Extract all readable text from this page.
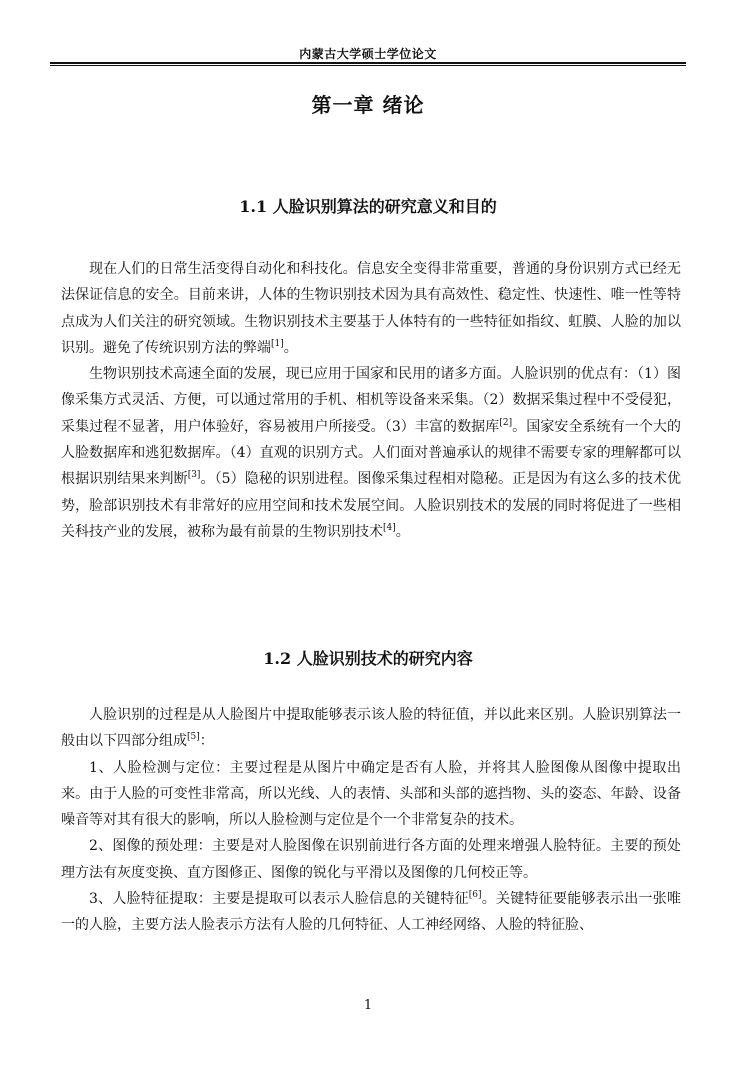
内蒙古大学硕士学位论文
第一章 绪论
1.1 人脸识别算法的研究意义和目的

现在人们的日常生活变得自动化和科技化。信息安全变得非常重要，普通的身份识别方式已经无法保证信息的安全。目前来讲，人体的生物识别技术因为具有高效性、稳定性、快速性、唯一性等特点成为人们关注的研究领域。生物识别技术主要基于人体特有的一些特征如指纹、虹膜、人脸的加以识别。避免了传统识别方法的弊端[1]。

生物识别技术高速全面的发展，现已应用于国家和民用的诸多方面。人脸识别的优点有：（1）图像采集方式灵活、方便，可以通过常用的手机、相机等设备来采集。（2）数据采集过程中不受侵犯，采集过程不显著，用户体验好，容易被用户所接受。（3）丰富的数据库[2]。国家安全系统有一个大的人脸数据库和逃犯数据库。（4）直观的识别方式。人们面对普遍承认的规律不需要专家的理解都可以根据识别结果来判断[3]。（5）隐秘的识别进程。图像采集过程相对隐秘。正是因为有这么多的技术优势，脸部识别技术有非常好的应用空间和技术发展空间。人脸识别技术的发展的同时将促进了一些相关科技产业的发展，被称为最有前景的生物识别技术[4]。

1.2 人脸识别技术的研究内容

人脸识别的过程是从人脸图片中提取能够表示该人脸的特征值，并以此来区别。人脸识别算法一般由以下四部分组成[5]：

1、人脸检测与定位：主要过程是从图片中确定是否有人脸，并将其人脸图像从图像中提取出来。由于人脸的可变性非常高，所以光线、人的表情、头部和头部的遮挡物、头的姿态、年龄、设备噪音等对其有很大的影响，所以人脸检测与定位是个一个非常复杂的技术。

2、图像的预处理：主要是对人脸图像在识别前进行各方面的处理来增强人脸特征。主要的预处理方法有灰度变换、直方图修正、图像的锐化与平滑以及图像的几何校正等。

3、人脸特征提取：主要是提取可以表示人脸信息的关键特征[6]。关键特征要能够表示出一张唯一的人脸，主要方法人脸表示方法有人脸的几何特征、人工神经网络、人脸的特征脸、

1
